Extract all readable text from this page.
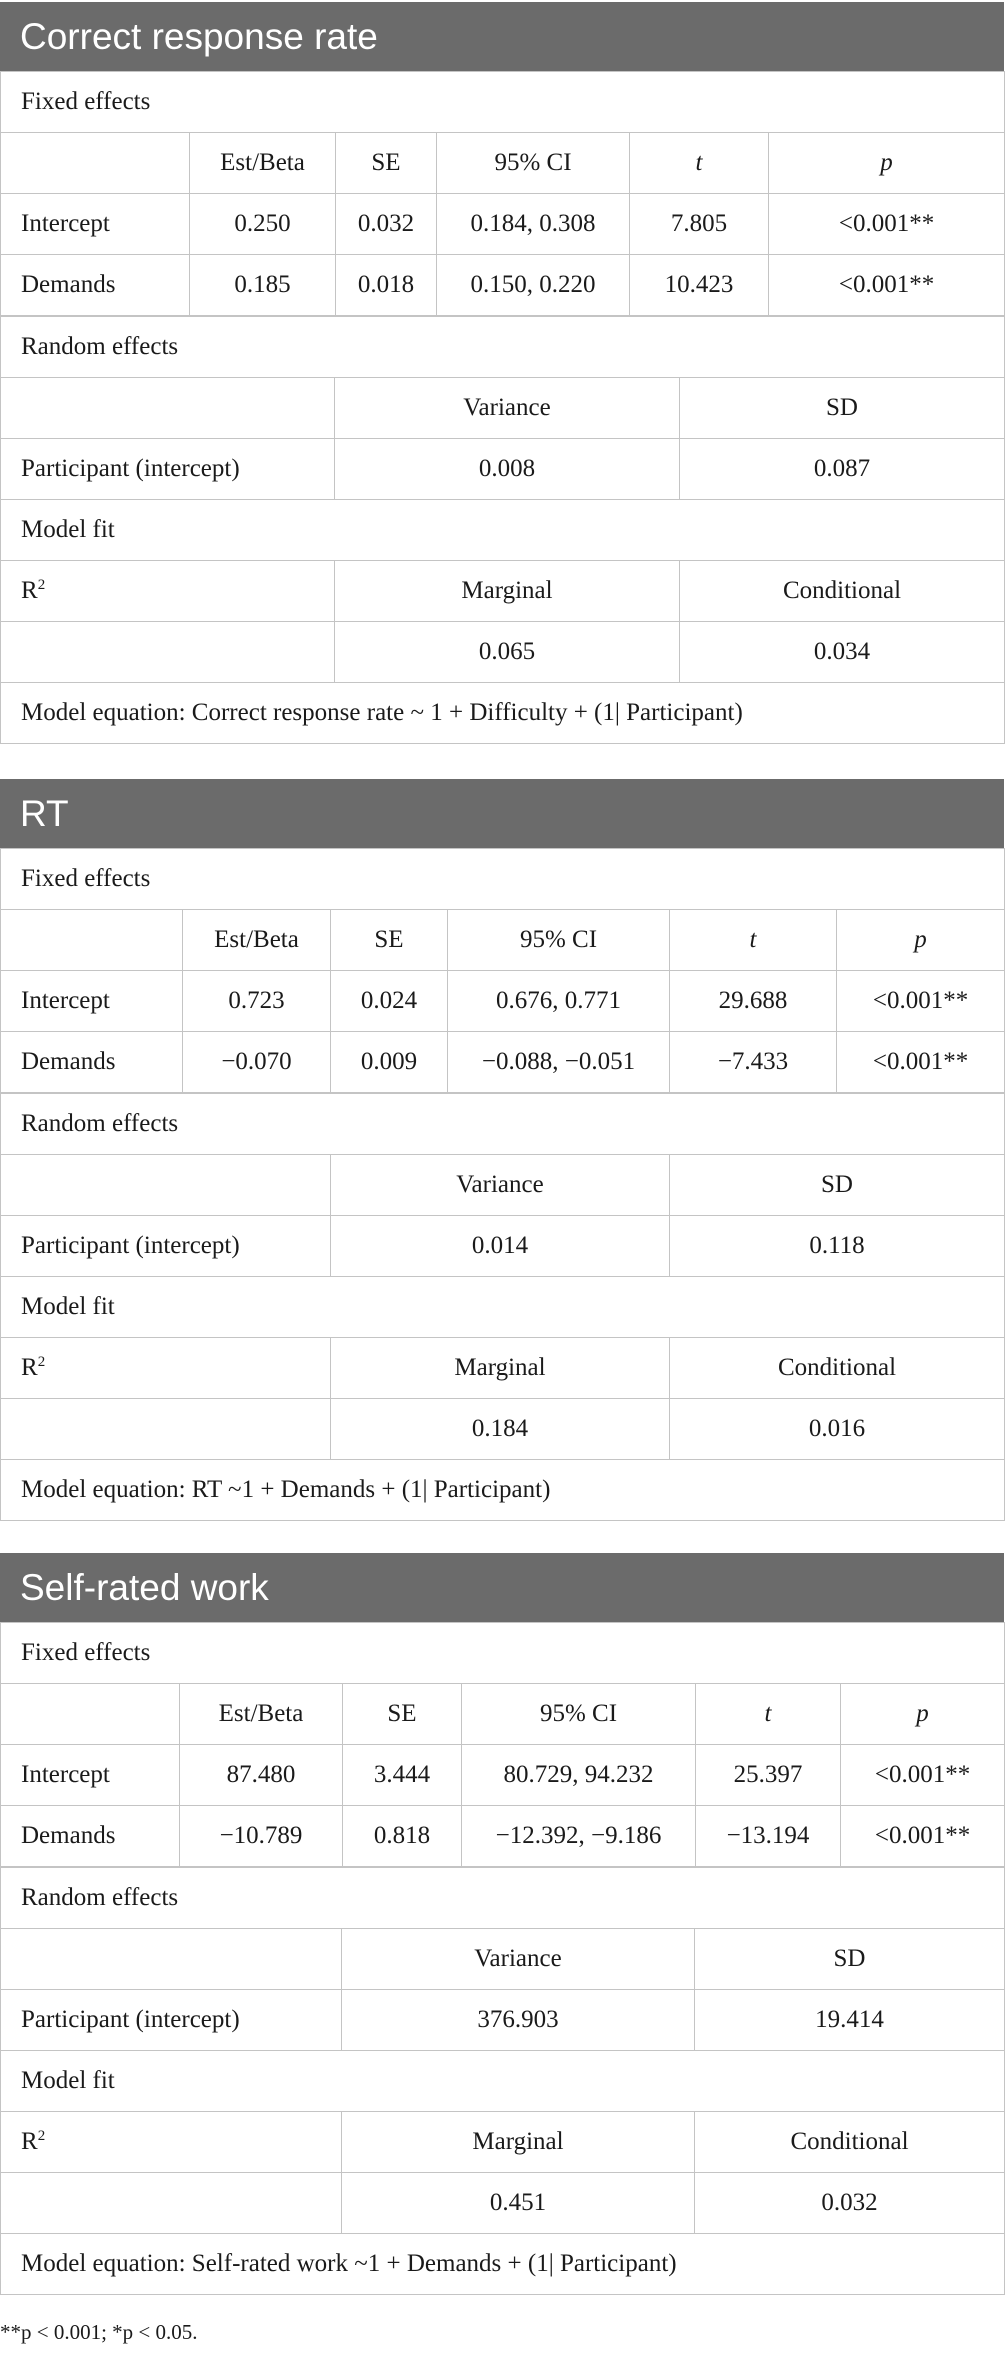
Correct response rate
Fixed effects					
	Est/Beta	SE	95% CI	t	p
Intercept	0.250	0.032	0.184, 0.308	7.805	<0.001**
Demands	0.185	0.018	0.150, 0.220	10.423	<0.001**
Random effects		
	Variance	SD
Participant (intercept)	0.008	0.087
Model fit		
$R^2$	Marginal	Conditional
	0.065	0.034
Model equation: Correct response rate ~ 1 + Difficulty + (1| Participant)		
RT
Fixed effects					
	Est/Beta	SE	95% CI	t	p
Intercept	0.723	0.024	0.676, 0.771	29.688	<0.001**
Demands	−0.070	0.009	−0.088, −0.051	−7.433	<0.001**
Random effects		
	Variance	SD
Participant (intercept)	0.014	0.118
Model fit		
$R^2$	Marginal	Conditional
	0.184	0.016
Model equation: RT ~1 + Demands + (1| Participant)		
Self-rated work
Fixed effects					
	Est/Beta	SE	95% CI	t	p
Intercept	87.480	3.444	80.729, 94.232	25.397	<0.001**
Demands	−10.789	0.818	−12.392, −9.186	−13.194	<0.001**
Random effects		
	Variance	SD
Participant (intercept)	376.903	19.414
Model fit		
$R^2$	Marginal	Conditional
	0.451	0.032
Model equation: Self-rated work ~1 + Demands + (1| Participant)		
**p < 0.001; *p < 0.05.
